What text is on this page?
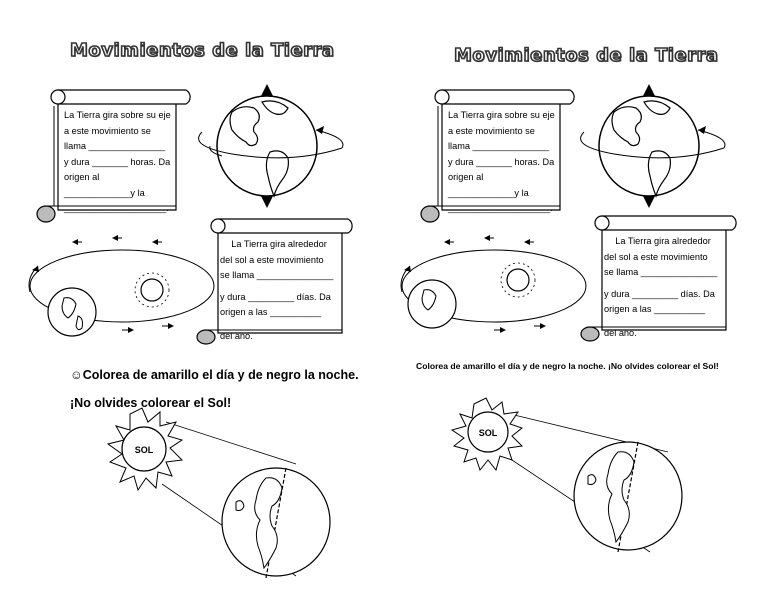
Movimientos de la Tierra
La Tierra gira sobre su eje
a este movimiento se
llama _______________
y dura _______ horas. Da
origen al
_____________y la
____________________.
La Tierra gira alrededor
del sol a este movimiento
se llama _______________
y dura _________ días. Da
origen a las __________
del año.
☺Colorea de amarillo el día y de negro la noche.
¡No olvides colorear el Sol!
SOL
Movimientos de la Tierra
La Tierra gira sobre su eje
a este movimiento se
llama _______________
y dura _______ horas. Da
origen al
_____________y la
____________________.
La Tierra gira alrededor
del sol a este movimiento
se llama _______________
y dura _________ días. Da
origen a las __________
del año.
Colorea de amarillo el día y de negro la noche. ¡No olvides colorear el Sol!
SOL
